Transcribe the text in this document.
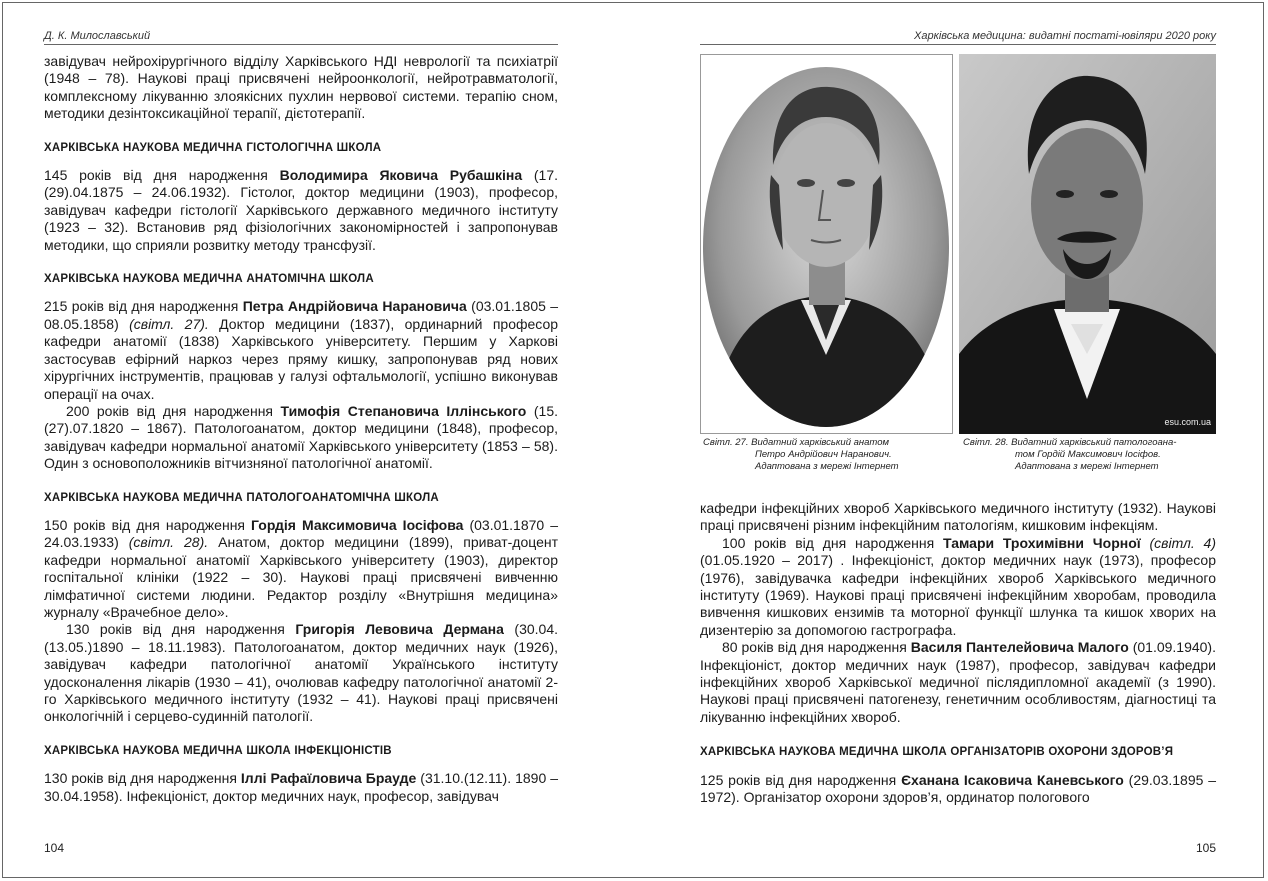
Д. К. Милославський

завідувач нейрохірургічного відділу Харківського НДІ неврології та психіатрії (1948 – 78). Наукові праці присвячені нейроонкології, нейротравматології, комплексному лікуванню злоякісних пухлин нервової системи. терапію сном, методики дезінтоксикаційної терапії, дієтотерапії.

ХАРКІВСЬКА НАУКОВА МЕДИЧНА ГІСТОЛОГІЧНА ШКОЛА

145 років від дня народження Володимира Яковича Рубашкіна (17.(29).04.1875 – 24.06.1932). Гістолог, доктор медицини (1903), професор, завідувач кафедри гістології Харківського державного медичного інституту (1923 – 32). Встановив ряд фізіологічних закономірностей і запропонував методики, що сприяли розвитку методу трансфузії.

ХАРКІВСЬКА НАУКОВА МЕДИЧНА АНАТОМІЧНА ШКОЛА

215 років від дня народження Петра Андрійовича Нарановича (03.01.1805 – 08.05.1858) (світл. 27). Доктор медицини (1837), ординарний професор кафедри анатомії (1838) Харківського університету. Першим у Харкові застосував ефірний наркоз через пряму кишку, запропонував ряд нових хірургічних інструментів, працював у галузі офтальмології, успішно виконував операції на очах.

200 років від дня народження Тимофія Степановича Іллінського (15.(27).07.1820 – 1867). Патологоанатом, доктор медицини (1848), професор, завідувач кафедри нормальної анатомії Харківського університету (1853 – 58). Один з основоположників вітчизняної патологічної анатомії.

ХАРКІВСЬКА НАУКОВА МЕДИЧНА ПАТОЛОГОАНАТОМІЧНА ШКОЛА

150 років від дня народження Гордія Максимовича Іосіфова (03.01.1870 – 24.03.1933) (світл. 28). Анатом, доктор медицини (1899), приват-доцент кафедри нормальної анатомії Харківського університету (1903), директор госпітальної клініки (1922 – 30). Наукові праці присвячені вивченню лімфатичної системи людини. Редактор розділу «Внутрішня медицина» журналу «Врачебное дело».

130 років від дня народження Григорія Левовича Дермана (30.04.(13.05.)1890 – 18.11.1983). Патологоанатом, доктор медичних наук (1926), завідувач кафедри патологічної анатомії Українського інституту удосконалення лікарів (1930 – 41), очолював кафедру патологічної анатомії 2-го Харківського медичного інституту (1932 – 41). Наукові праці присвячені онкологічній і серцево-судинній патології.

ХАРКІВСЬКА НАУКОВА МЕДИЧНА ШКОЛА ІНФЕКЦІОНІСТІВ

130 років від дня народження Іллі Рафаїловича Брауде (31.10.(12.11). 1890 – 30.04.1958). Інфекціоніст, доктор медичних наук, професор, завідувач

104
Харківська медицина: видатні постаті-ювіляри 2020 року
esu.com.ua
Світл. 27. Видатний харківський анатом
Петро Андрійович Наранович.
Адаптована з мережі Інтернет
Світл. 28. Видатний харківський патологоана-
том Гордій Максимович Іосіфов.
Адаптована з мережі Інтернет

кафедри інфекційних хвороб Харківського медичного інституту (1932). Наукові праці присвячені різним інфекційним патологіям, кишковим інфекціям.

100 років від дня народження Тамари Трохимівни Чорної (світл. 4) (01.05.1920 – 2017) . Інфекціоніст, доктор медичних наук (1973), професор (1976), завідувачка кафедри інфекційних хвороб Харківського медичного інституту (1969). Наукові праці присвячені інфекційним хворобам, проводила вивчення кишкових ензимів та моторної функції шлунка та кишок хворих на дизентерію за допомогою гастрографа.

80 років від дня народження Василя Пантелейовича Малого (01.09.1940). Інфекціоніст, доктор медичних наук (1987), професор, завідувач кафедри інфекційних хвороб Харківської медичної післядипломної академії (з 1990). Наукові праці присвячені патогенезу, генетичним особливостям, діагностиці та лікуванню інфекційних хвороб.

ХАРКІВСЬКА НАУКОВА МЕДИЧНА ШКОЛА ОРГАНІЗАТОРІВ ОХОРОНИ ЗДОРОВ’Я

125 років від дня народження Єханана Ісаковича Каневського (29.03.1895 – 1972). Організатор охорони здоров’я, ординатор пологового

105
